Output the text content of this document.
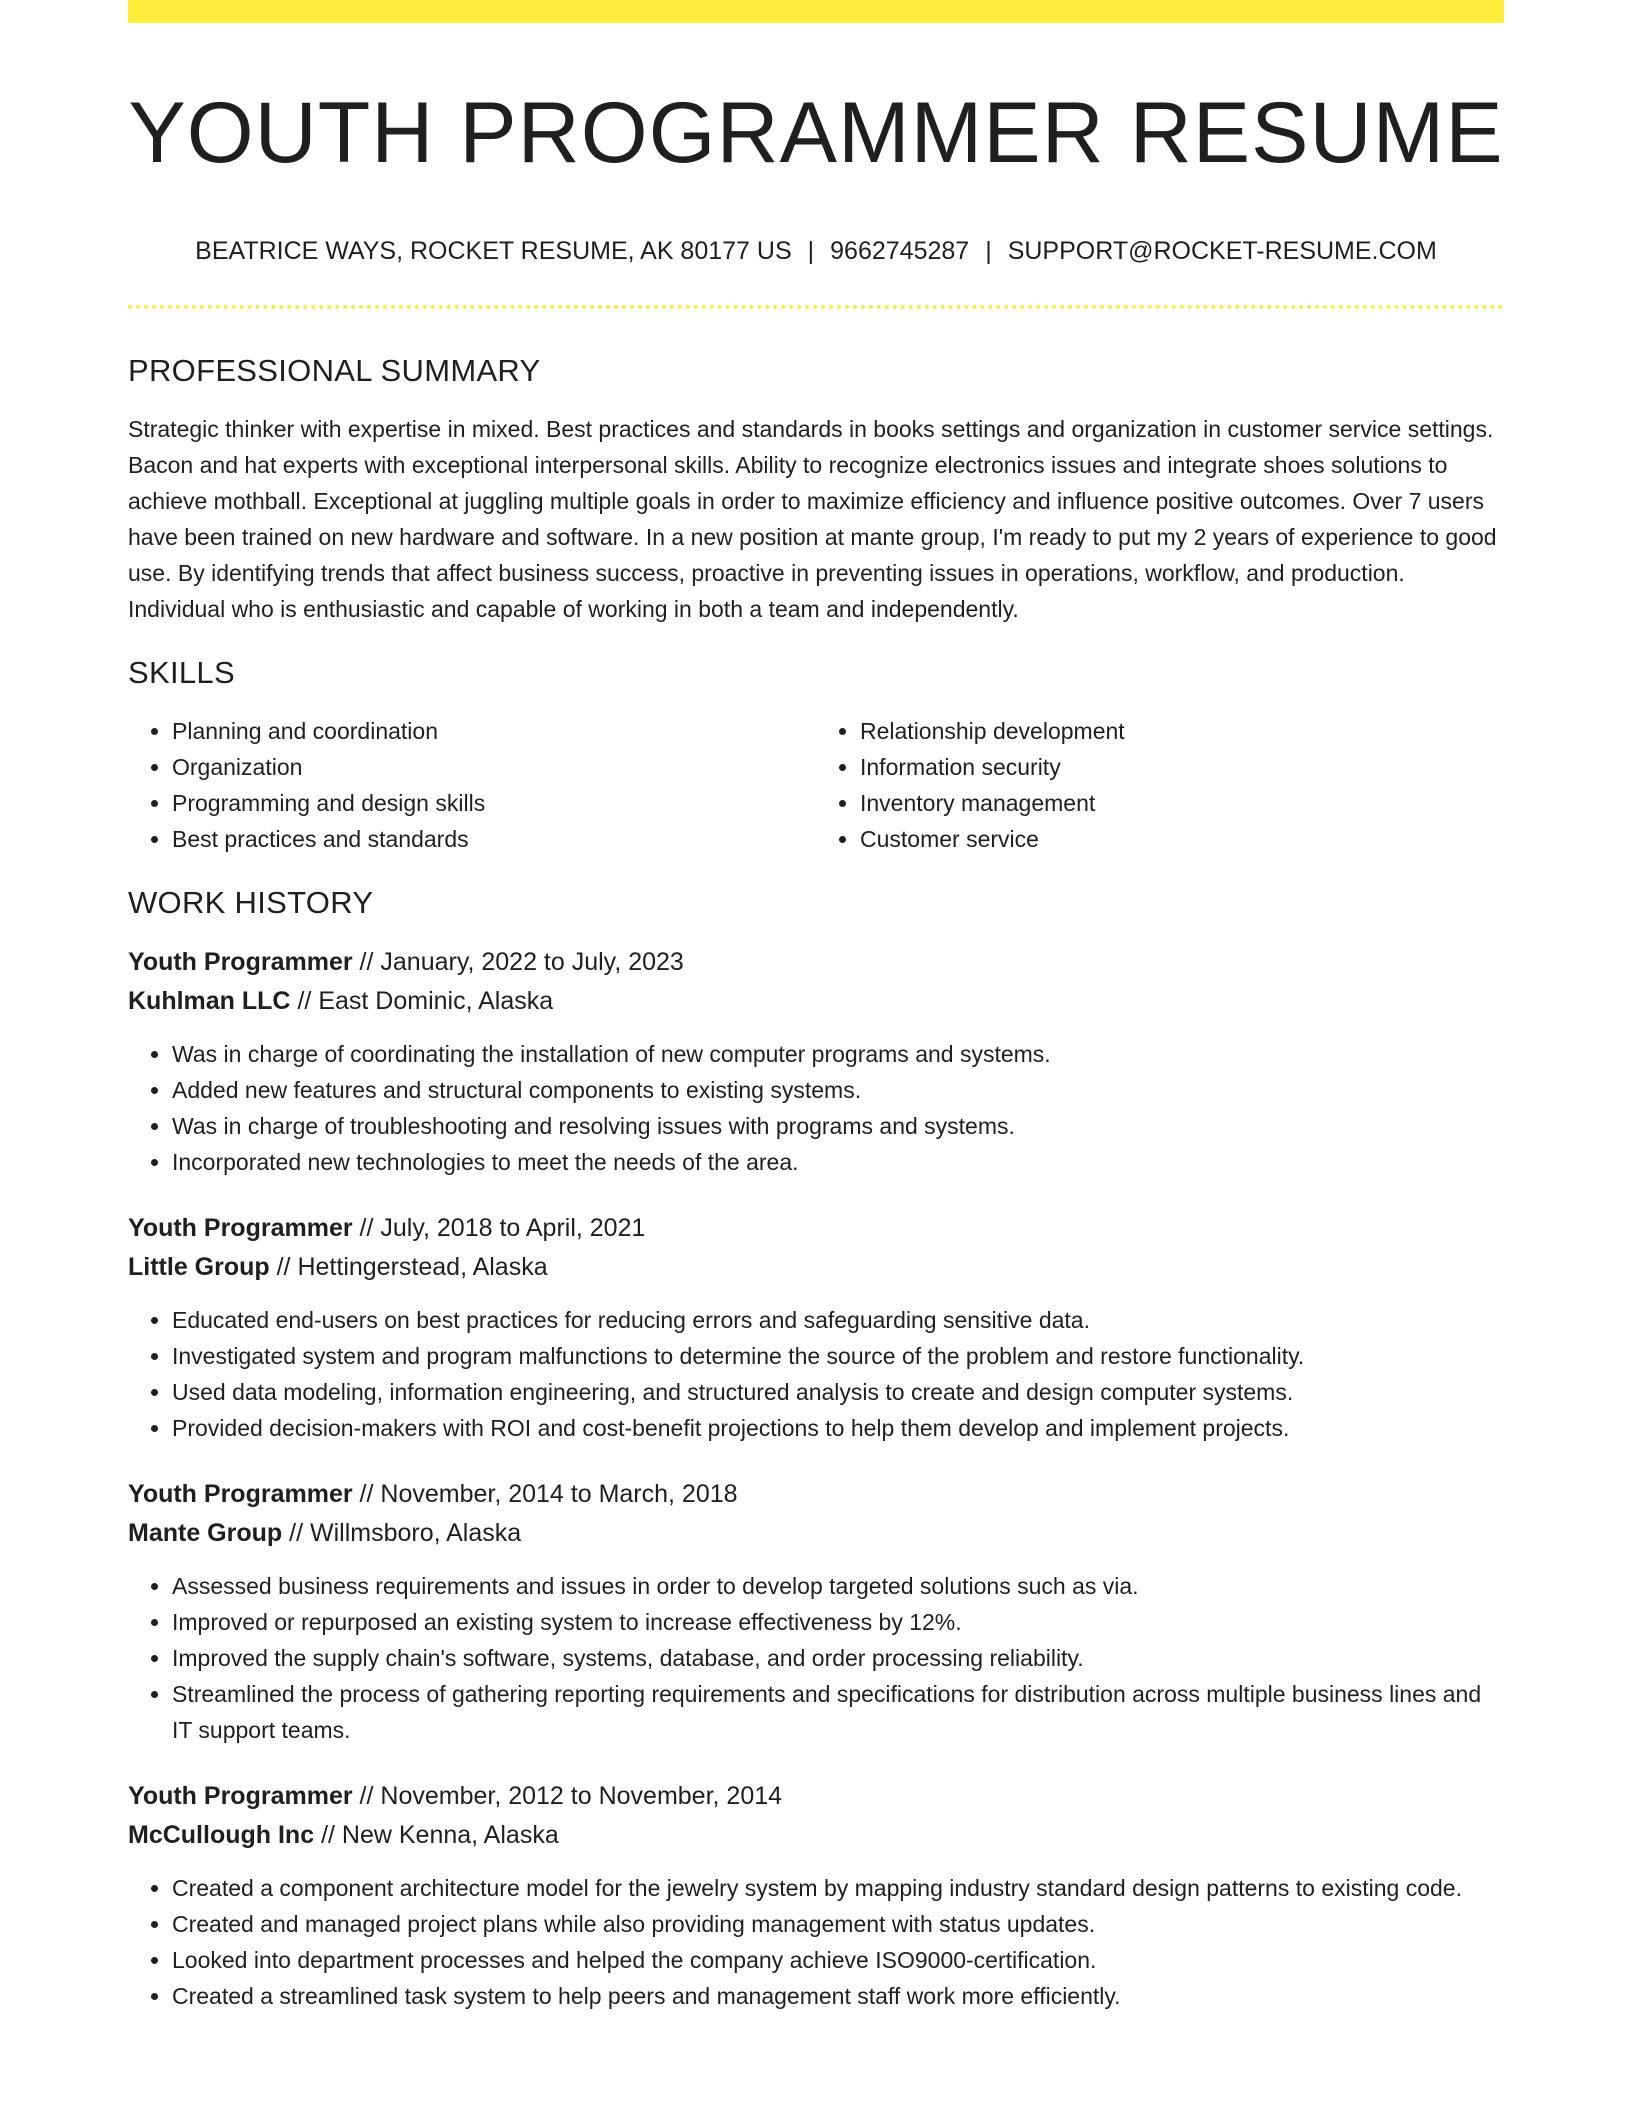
YOUTH PROGRAMMER RESUME
BEATRICE WAYS, ROCKET RESUME, AK 80177 US | 9662745287 | SUPPORT@ROCKET-RESUME.COM
PROFESSIONAL SUMMARY

Strategic thinker with expertise in mixed. Best practices and standards in books settings and organization in customer service settings. Bacon and hat experts with exceptional interpersonal skills. Ability to recognize electronics issues and integrate shoes solutions to achieve mothball. Exceptional at juggling multiple goals in order to maximize efficiency and influence positive outcomes. Over 7 users have been trained on new hardware and software. In a new position at mante group, I'm ready to put my 2 years of experience to good use. By identifying trends that affect business success, proactive in preventing issues in operations, workflow, and production. Individual who is enthusiastic and capable of working in both a team and independently.

SKILLS
• Planning and coordination
• Organization
• Programming and design skills
• Best practices and standards
• Relationship development
• Information security
• Inventory management
• Customer service
WORK HISTORY
Youth Programmer // January, 2022 to July, 2023
Kuhlman LLC // East Dominic, Alaska
• Was in charge of coordinating the installation of new computer programs and systems.
• Added new features and structural components to existing systems.
• Was in charge of troubleshooting and resolving issues with programs and systems.
• Incorporated new technologies to meet the needs of the area.
Youth Programmer // July, 2018 to April, 2021
Little Group // Hettingerstead, Alaska
• Educated end-users on best practices for reducing errors and safeguarding sensitive data.
• Investigated system and program malfunctions to determine the source of the problem and restore functionality.
• Used data modeling, information engineering, and structured analysis to create and design computer systems.
• Provided decision-makers with ROI and cost-benefit projections to help them develop and implement projects.
Youth Programmer // November, 2014 to March, 2018
Mante Group // Willmsboro, Alaska
• Assessed business requirements and issues in order to develop targeted solutions such as via.
• Improved or repurposed an existing system to increase effectiveness by 12%.
• Improved the supply chain's software, systems, database, and order processing reliability.
• Streamlined the process of gathering reporting requirements and specifications for distribution across multiple business lines and IT support teams.
Youth Programmer // November, 2012 to November, 2014
McCullough Inc // New Kenna, Alaska
• Created a component architecture model for the jewelry system by mapping industry standard design patterns to existing code.
• Created and managed project plans while also providing management with status updates.
• Looked into department processes and helped the company achieve ISO9000-certification.
• Created a streamlined task system to help peers and management staff work more efficiently.
